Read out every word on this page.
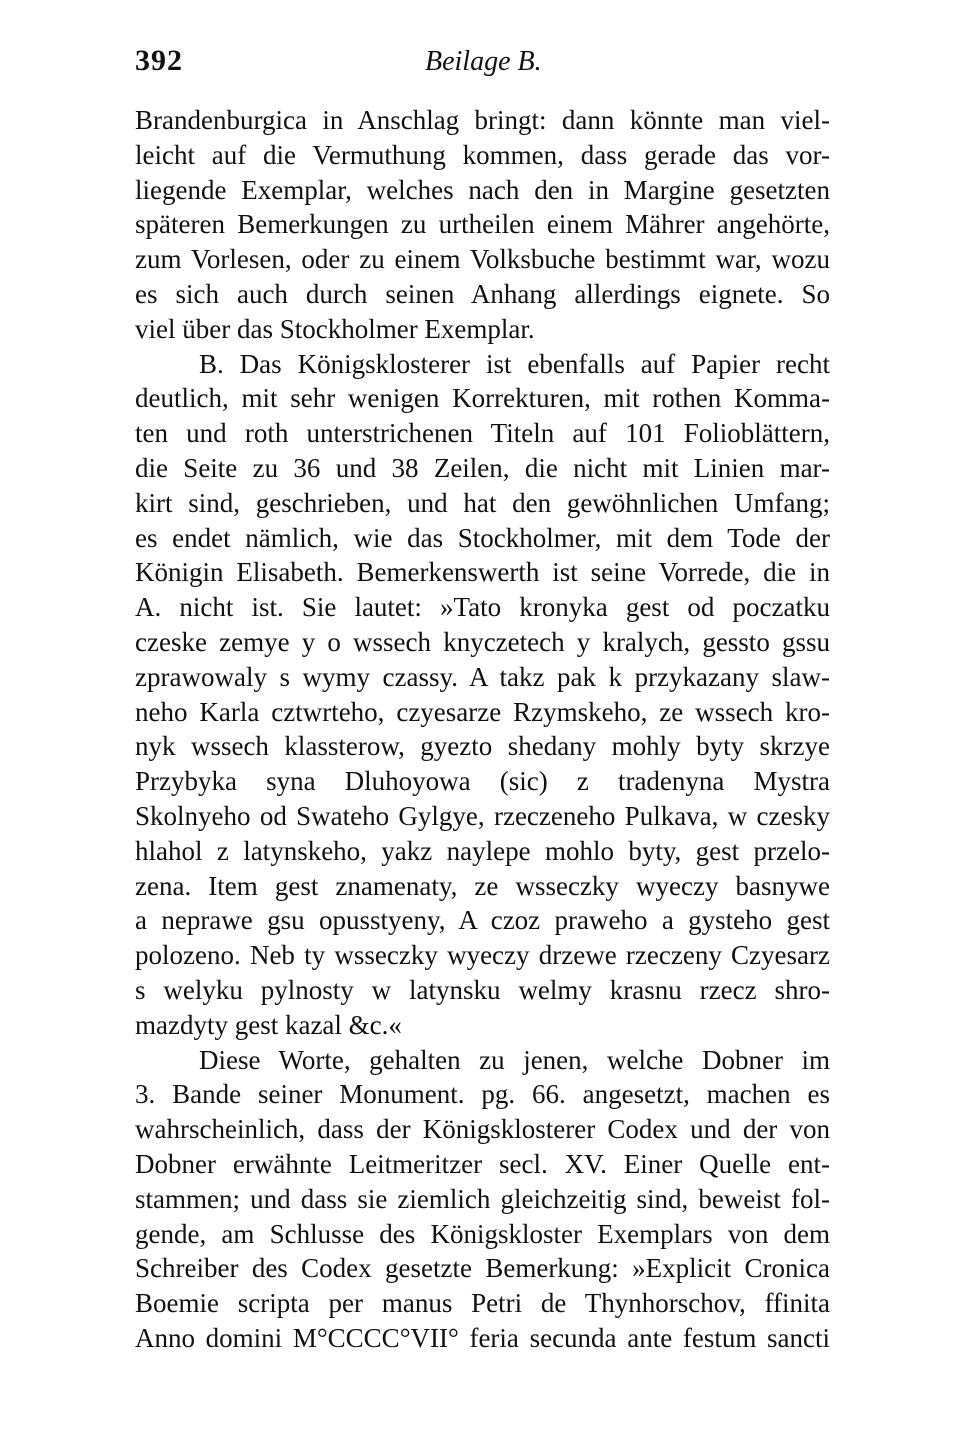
392	Beilage B.
Brandenburgica in Anschlag bringt: dann könnte man viel-
leicht auf die Vermuthung kommen, dass gerade das vor-
liegende Exemplar, welches nach den in Margine gesetzten
späteren Bemerkungen zu urtheilen einem Mährer angehörte,
zum Vorlesen, oder zu einem Volksbuche bestimmt war, wozu
es sich auch durch seinen Anhang allerdings eignete. So
viel über das Stockholmer Exemplar.
B. Das Königsklosterer ist ebenfalls auf Papier recht
deutlich, mit sehr wenigen Korrekturen, mit rothen Komma-
ten und roth unterstrichenen Titeln auf 101 Folioblättern,
die Seite zu 36 und 38 Zeilen, die nicht mit Linien mar-
kirt sind, geschrieben, und hat den gewöhnlichen Umfang;
es endet nämlich, wie das Stockholmer, mit dem Tode der
Königin Elisabeth. Bemerkenswerth ist seine Vorrede, die in
A. nicht ist. Sie lautet: »Tato kronyka gest od poczatku
czeske zemye y o wssech knyczetech y kralych, gessto gssu
zprawowaly s wymy czassy. A takz pak k przykazany slaw-
neho Karla cztwrteho, czyesarze Rzymskeho, ze wssech kro-
nyk wssech klassterow, gyezto shedany mohly byty skrzye
Przybyka syna Dluhoyowa (sic) z tradenyna Mystra
Skolnyeho od Swateho Gylgye, rzeczeneho Pulkava, w czesky
hlahol z latynskeho, yakz naylepe mohlo byty, gest przelo-
zena. Item gest znamenaty, ze wsseczky wyeczy basnywe
a neprawe gsu opusstyeny, A czoz praweho a gysteho gest
polozeno. Neb ty wsseczky wyeczy drzewe rzeczeny Czyesarz
s welyku pylnosty w latynsku welmy krasnu rzecz shro-
mazdyty gest kazal &c.«
Diese Worte, gehalten zu jenen, welche Dobner im
3. Bande seiner Monument. pg. 66. angesetzt, machen es
wahrscheinlich, dass der Königsklosterer Codex und der von
Dobner erwähnte Leitmeritzer secl. XV. Einer Quelle ent-
stammen; und dass sie ziemlich gleichzeitig sind, beweist fol-
gende, am Schlusse des Königskloster Exemplars von dem
Schreiber des Codex gesetzte Bemerkung: »Explicit Cronica
Boemie scripta per manus Petri de Thynhorschov, ffinita
Anno domini M°CCCC°VII° feria secunda ante festum sancti
